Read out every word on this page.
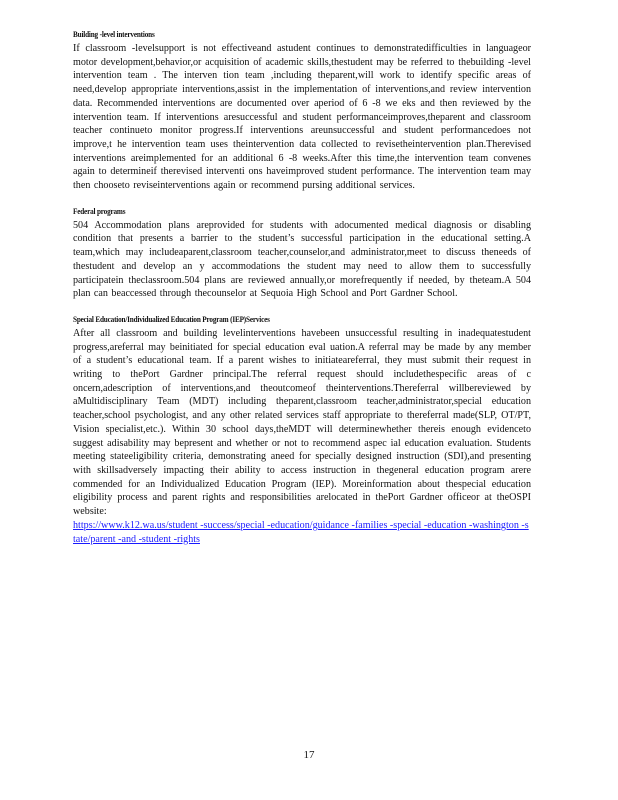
Building -level interventions

If classroom -levelsupport is not effectiveand astudent continues to demonstratedifficulties in languageor motor development,behavior,or acquisition of academic skills,thestudent may be referred to thebuilding -level intervention team . The interven tion team ,including theparent,will work to identify specific areas of need,develop appropriate interventions,assist in the implementation of interventions,and review intervention data. Recommended interventions are documented over aperiod of 6 -8 we eks and then reviewed by the intervention team. If interventions aresuccessful and student performanceimproves,theparent and classroom teacher continueto monitor progress.If interventions areunsuccessful and student performancedoes not improve,t he intervention team uses theintervention data collected to revisetheintervention plan.Therevised interventions areimplemented for an additional 6 -8 weeks.After this time,the intervention team convenes again to determineif therevised interventi ons haveimproved student performance. The intervention team may then chooseto reviseinterventions again or recommend pursing additional services.

Federal programs

504 Accommodation plans areprovided for students with adocumented medical diagnosis or disabling condition that presents a barrier to the student’s successful participation in the educational setting.A team,which may includeaparent,classroom teacher,counselor,and administrator,meet to discuss theneeds of thestudent and develop an y accommodations the student may need to allow them to successfully participatein theclassroom.504 plans are reviewed annually,or morefrequently if needed, by theteam.A 504 plan can beaccessed through thecounselor at Sequoia High School and Port Gardner School.

Special Education/Individualized Education Program (IEP)Services

After all classroom and building levelinterventions havebeen unsuccessful resulting in inadequatestudent progress,areferral may beinitiated for special education eval uation.A referral may be made by any member of a student’s educational team. If a parent wishes to initiateareferral, they must submit their request in writing to thePort Gardner principal.The referral request should includethespecific areas of c oncern,adescription of interventions,and theoutcomeof theinterventions.Thereferral willbereviewed by aMultidisciplinary Team (MDT) including theparent,classroom teacher,administrator,special education teacher,school psychologist, and any other related services staff appropriate to thereferral made(SLP, OT/PT, Vision specialist,etc.). Within 30 school days,theMDT will determinewhether thereis enough evidenceto suggest adisability may bepresent and whether or not to recommend aspec ial education evaluation. Students meeting stateeligibility criteria, demonstrating aneed for specially designed instruction (SDI),and presenting with skillsadversely impacting their ability to access instruction in thegeneral education program arere commended for an Individualized Education Program (IEP). Moreinformation about thespecial education eligibility process and parent rights and responsibilities arelocated in thePort Gardner officeor at theOSPI website:

https://www.k12.wa.us/student -success/special -education/guidance -families -special -education -washington -state/parent -and -student -rights

17
